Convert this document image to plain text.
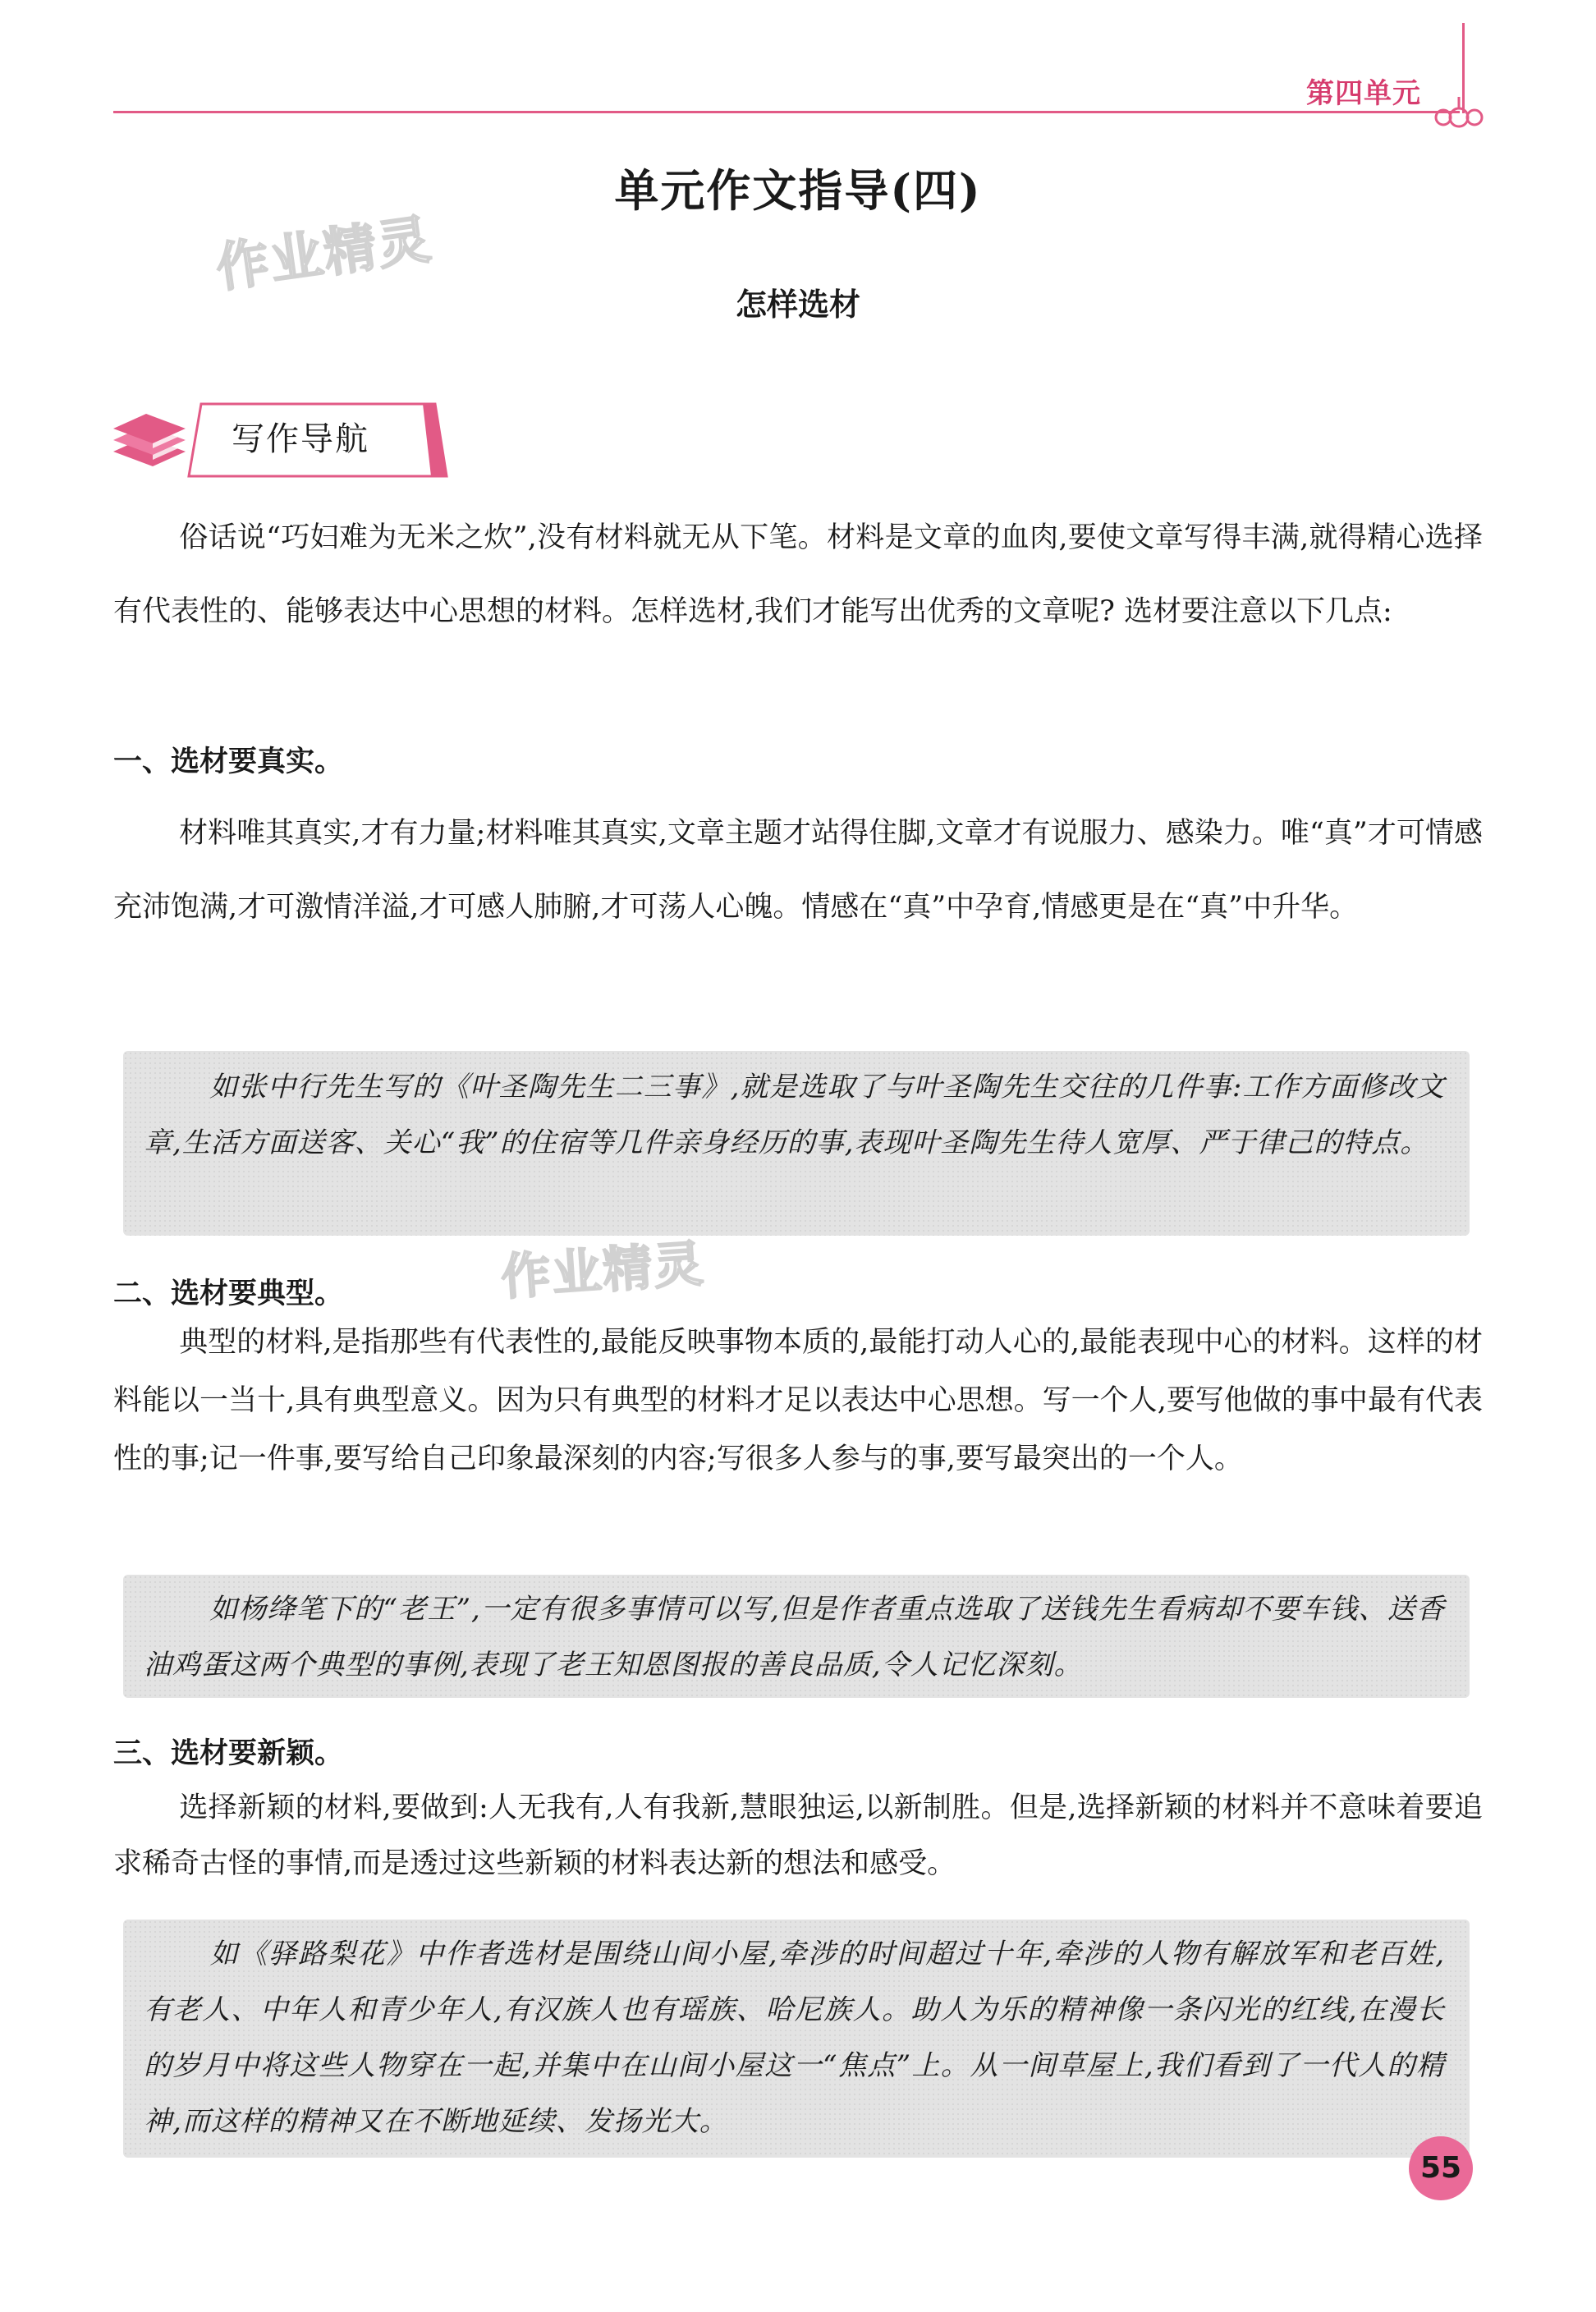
第四单元
单元作文指导(四)
作业精灵
怎样选材
写作导航
俗话说“巧妇难为无米之炊”,没有材料就无从下笔。材料是文章的血肉,要使文章写得丰满,就得精心选择有代表性的、能够表达中心思想的材料。怎样选材,我们才能写出优秀的文章呢? 选材要注意以下几点:
一、选材要真实。
材料唯其真实,才有力量;材料唯其真实,文章主题才站得住脚,文章才有说服力、感染力。唯“真”才可情感充沛饱满,才可激情洋溢,才可感人肺腑,才可荡人心魄。情感在“真”中孕育,情感更是在“真”中升华。

如张中行先生写的《叶圣陶先生二三事》,就是选取了与叶圣陶先生交往的几件事:工作方面修改文章,生活方面送客、关心“我”的住宿等几件亲身经历的事,表现叶圣陶先生待人宽厚、严于律己的特点。

作业精灵
二、选材要典型。
典型的材料,是指那些有代表性的,最能反映事物本质的,最能打动人心的,最能表现中心的材料。这样的材料能以一当十,具有典型意义。因为只有典型的材料才足以表达中心思想。写一个人,要写他做的事中最有代表性的事;记一件事,要写给自己印象最深刻的内容;写很多人参与的事,要写最突出的一个人。

如杨绛笔下的“老王”,一定有很多事情可以写,但是作者重点选取了送钱先生看病却不要车钱、送香油鸡蛋这两个典型的事例,表现了老王知恩图报的善良品质,令人记忆深刻。

三、选材要新颖。
选择新颖的材料,要做到:人无我有,人有我新,慧眼独运,以新制胜。但是,选择新颖的材料并不意味着要追求稀奇古怪的事情,而是透过这些新颖的材料表达新的想法和感受。

如《驿路梨花》中作者选材是围绕山间小屋,牵涉的时间超过十年,牵涉的人物有解放军和老百姓,有老人、中年人和青少年人,有汉族人也有瑶族、哈尼族人。助人为乐的精神像一条闪光的红线,在漫长的岁月中将这些人物穿在一起,并集中在山间小屋这一“焦点”上。从一间草屋上,我们看到了一代人的精神,而这样的精神又在不断地延续、发扬光大。

55
